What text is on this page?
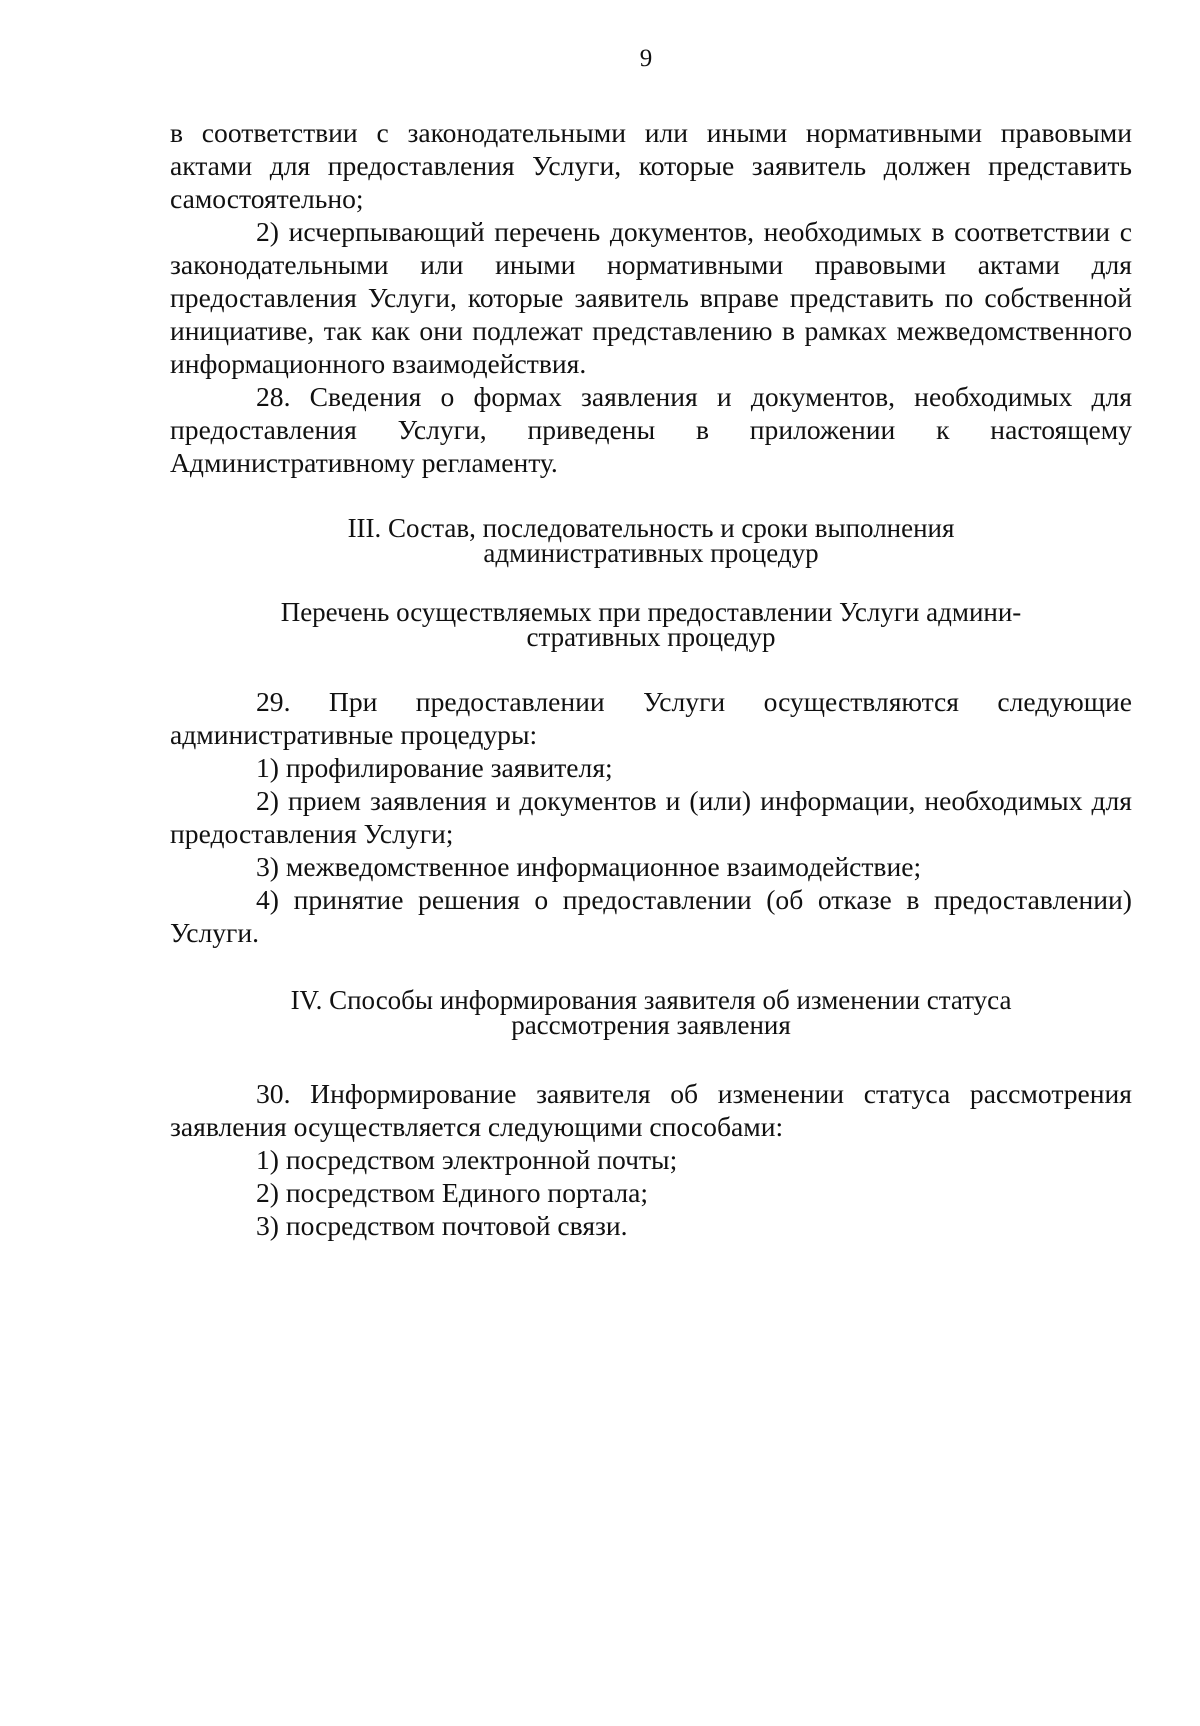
9

в соответствии с законодательными или иными нормативными правовыми актами для предоставления Услуги, которые заявитель должен представить самостоятельно;

2) исчерпывающий перечень документов, необходимых в соответствии с законодательными или иными нормативными правовыми актами для предоставления Услуги, которые заявитель вправе представить по собственной инициативе, так как они подлежат представлению в рамках межведомственного информационного взаимодействия.

28. Сведения о формах заявления и документов, необходимых для предоставления Услуги, приведены в приложении к настоящему Административному регламенту.

III. Состав, последовательность и сроки выполнения
административных процедур
Перечень осуществляемых при предоставлении Услуги админи-
стративных процедур

29. При предоставлении Услуги осуществляются следующие административные процедуры:

1) профилирование заявителя;

2) прием заявления и документов и (или) информации, необходимых для предоставления Услуги;

3) межведомственное информационное взаимодействие;

4) принятие решения о предоставлении (об отказе в предоставлении) Услуги.

IV. Способы информирования заявителя об изменении статуса
рассмотрения заявления

30. Информирование заявителя об изменении статуса рассмотрения заявления осуществляется следующими способами:

1) посредством электронной почты;

2) посредством Единого портала;

3) посредством почтовой связи.
